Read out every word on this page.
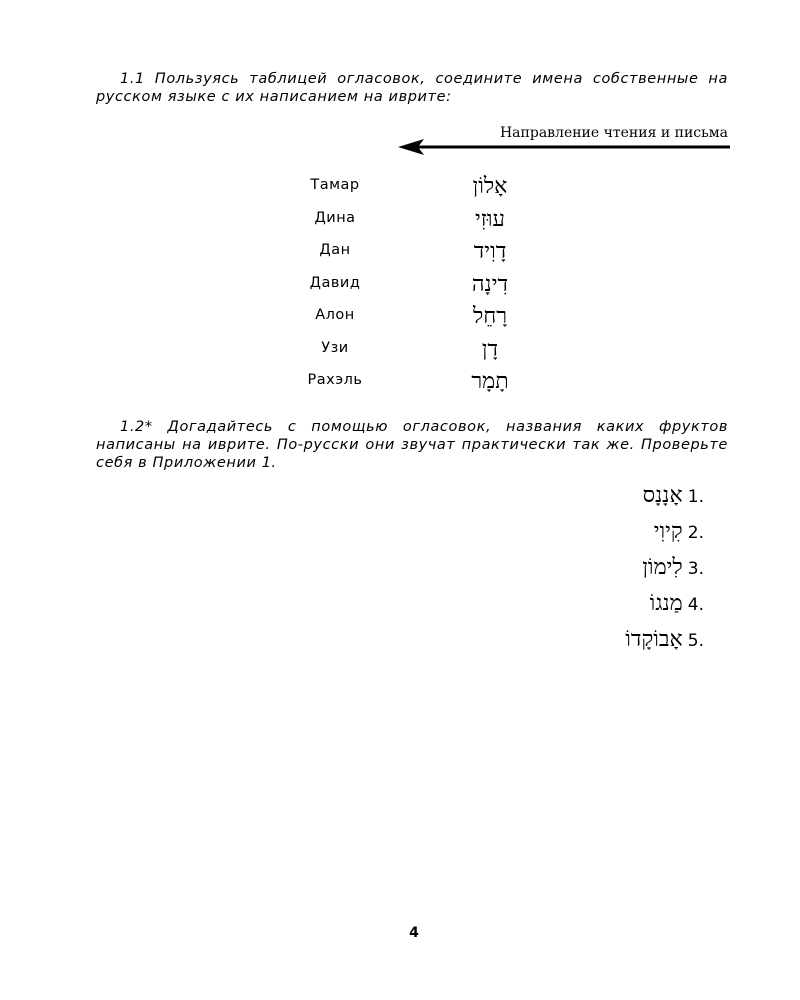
1.1 Пользуясь таблицей огласовок, соедините имена собственные на русском языке с их написанием на иврите:

Направление чтения и письма
Тамар	אָלוֹן
Дина	עוּזִי
Дан	דָוִיד
Давид	דִינָה
Алон	רָחֵל
Узи	דָן
Рахэль	תָמָר

1.2* Догадайтесь с помощью огласовок, названия каких фруктов написаны на иврите. По-русски они звучат практически так же. Проверьте себя в Приложении 1.

1. אָנָנָס
2. קִיוִי
3. לִימוֹן
4. מַנגוֹ
5. אָבוֹקָדוֹ
4
